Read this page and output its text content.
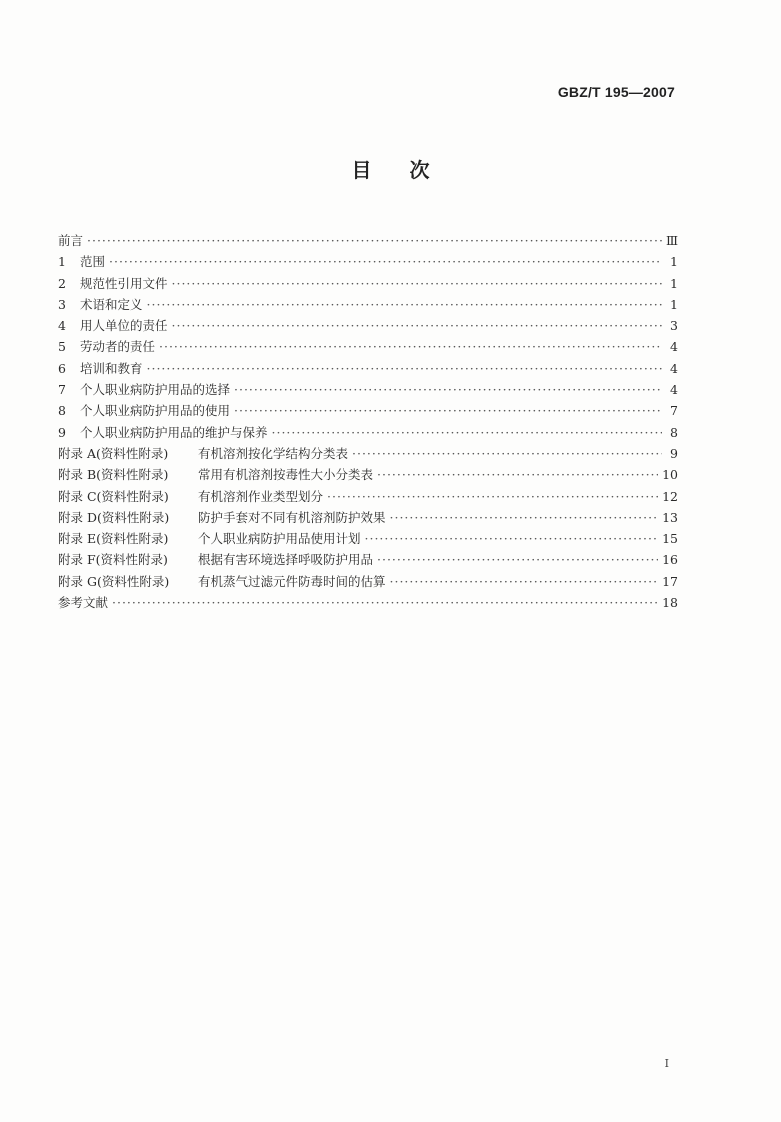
GBZ/T 195—2007
目次
前言 ·····	Ⅲ
1	范围 ·····	1
2	规范性引用文件 ·····	1
3	术语和定义 ·····	1
4	用人单位的责任 ·····	3
5	劳动者的责任 ·····	4
6	培训和教育 ·····	4
7	个人职业病防护用品的选择 ·····	4
8	个人职业病防护用品的使用 ·····	7
9	个人职业病防护用品的维护与保养 ·····	8
附录 A(资料性附录)	有机溶剂按化学结构分类表 ·····	9
附录 B(资料性附录)	常用有机溶剂按毒性大小分类表 ·····	10
附录 C(资料性附录)	有机溶剂作业类型划分 ·····	12
附录 D(资料性附录)	防护手套对不同有机溶剂防护效果 ·····	13
附录 E(资料性附录)	个人职业病防护用品使用计划 ·····	15
附录 F(资料性附录)	根据有害环境选择呼吸防护用品 ·····	16
附录 G(资料性附录)	有机蒸气过滤元件防毒时间的估算 ·····	17
参考文献 ·····	18
I
